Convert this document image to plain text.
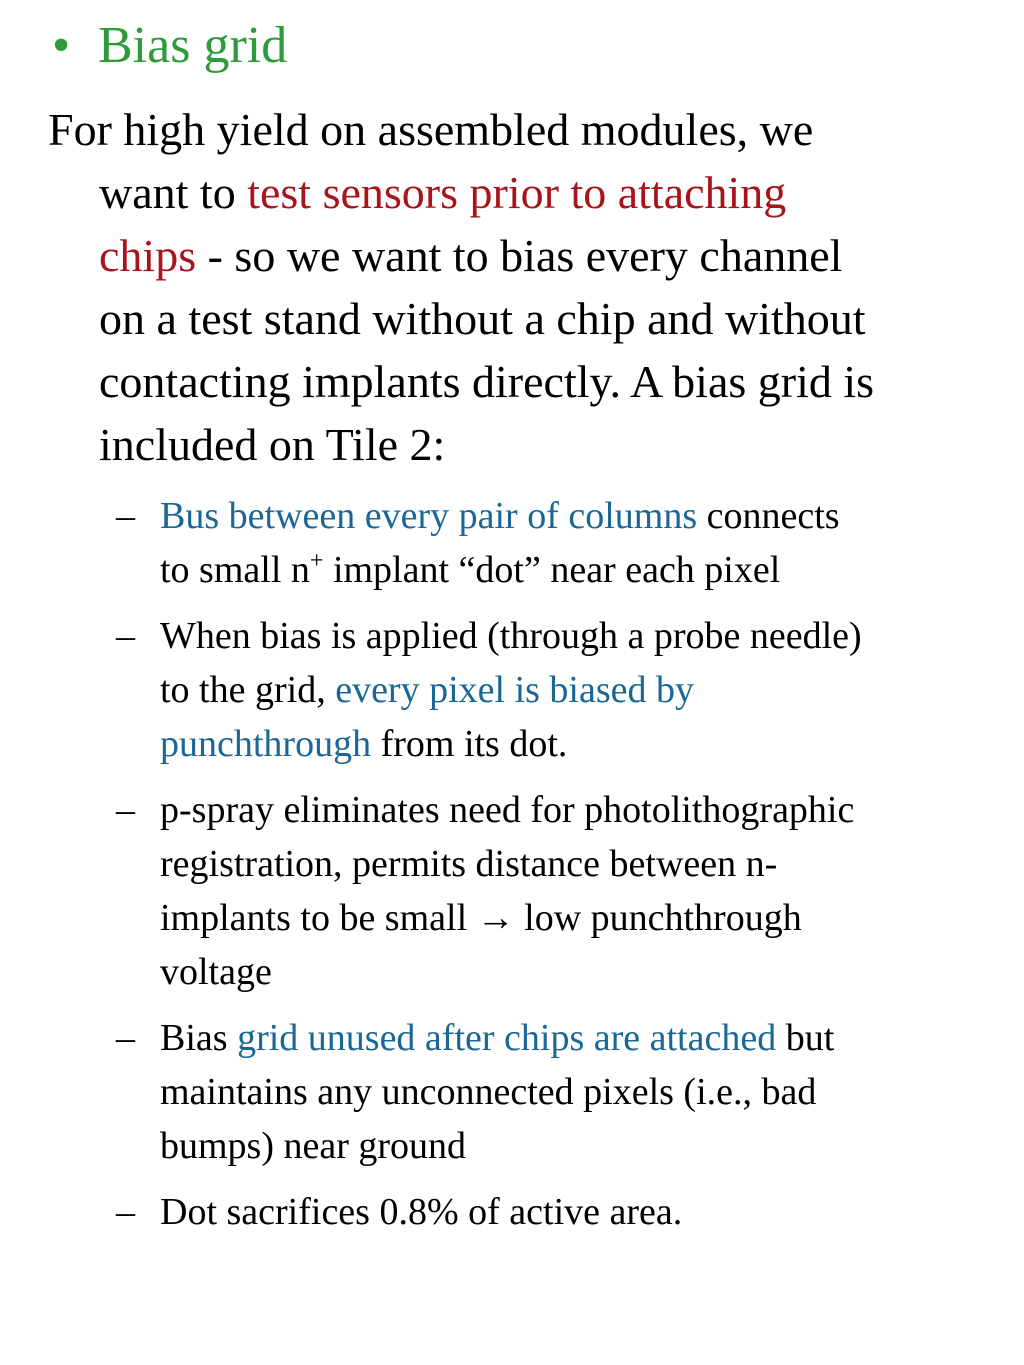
• Bias grid
For high yield on assembled modules, we
want to test sensors prior to attaching
chips - so we want to bias every channel
on a test stand without a chip and without
contacting implants directly. A bias grid is
included on Tile 2:
– Bus between every pair of columns connects
to small n+ implant “dot” near each pixel
– When bias is applied (through a probe needle)
to the grid, every pixel is biased by
punchthrough from its dot.
– p-spray eliminates need for photolithographic
registration, permits distance between n-
implants to be small → low punchthrough
voltage
– Bias grid unused after chips are attached but
maintains any unconnected pixels (i.e., bad
bumps) near ground
– Dot sacrifices 0.8% of active area.
